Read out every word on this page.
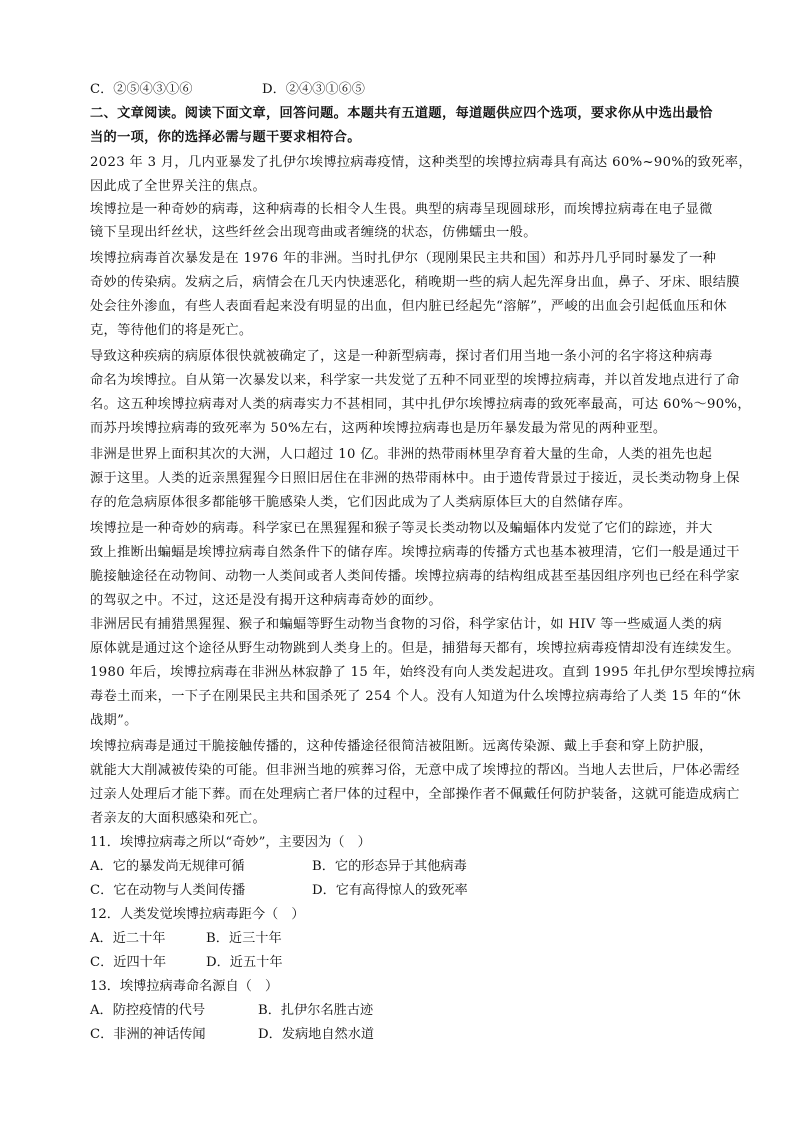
C．②⑤④③①⑥	D．②④③①⑥⑤
二、文章阅读。阅读下面文章，回答问题。本题共有五道题，每道题供应四个选项，要求你从中选出最恰
当的一项，你的选择必需与题干要求相符合。
2023 年 3 月，几内亚暴发了扎伊尔埃博拉病毒疫情，这种类型的埃博拉病毒具有高达 60%~90%的致死率，
因此成了全世界关注的焦点。
埃博拉是一种奇妙的病毒，这种病毒的长相令人生畏。典型的病毒呈现圆球形，而埃博拉病毒在电子显微
镜下呈现出纤丝状，这些纤丝会出现弯曲或者缠绕的状态，仿佛蠕虫一般。
埃博拉病毒首次暴发是在 1976 年的非洲。当时扎伊尔（现刚果民主共和国）和苏丹几乎同时暴发了一种
奇妙的传染病。发病之后，病情会在几天内快速恶化，稍晚期一些的病人起先浑身出血，鼻子、牙床、眼结膜
处会往外渗血，有些人表面看起来没有明显的出血，但内脏已经起先“溶解”，严峻的出血会引起低血压和休
克，等待他们的将是死亡。
导致这种疾病的病原体很快就被确定了，这是一种新型病毒，探讨者们用当地一条小河的名字将这种病毒
命名为埃博拉。自从第一次暴发以来，科学家一共发觉了五种不同亚型的埃博拉病毒，并以首发地点进行了命
名。这五种埃博拉病毒对人类的病毒实力不甚相同，其中扎伊尔埃博拉病毒的致死率最高，可达 60%～90%，
而苏丹埃博拉病毒的致死率为 50%左右，这两种埃博拉病毒也是历年暴发最为常见的两种亚型。
非洲是世界上面积其次的大洲，人口超过 10 亿。非洲的热带雨林里孕育着大量的生命，人类的祖先也起
源于这里。人类的近亲黑猩猩今日照旧居住在非洲的热带雨林中。由于遗传背景过于接近，灵长类动物身上保
存的危急病原体很多都能够干脆感染人类，它们因此成为了人类病原体巨大的自然储存库。
埃博拉是一种奇妙的病毒。科学家已在黑猩猩和猴子等灵长类动物以及蝙蝠体内发觉了它们的踪迹，并大
致上推断出蝙蝠是埃博拉病毒自然条件下的储存库。埃博拉病毒的传播方式也基本被理清，它们一般是通过干
脆接触途径在动物间、动物一人类间或者人类间传播。埃博拉病毒的结构组成甚至基因组序列也已经在科学家
的驾驭之中。不过，这还是没有揭开这种病毒奇妙的面纱。
非洲居民有捕猎黑猩猩、猴子和蝙蝠等野生动物当食物的习俗，科学家估计，如 HIV 等一些威逼人类的病
原体就是通过这个途径从野生动物跳到人类身上的。但是，捕猎每天都有，埃博拉病毒疫情却没有连续发生。
1980 年后，埃博拉病毒在非洲丛林寂静了 15 年，始终没有向人类发起进攻。直到 1995 年扎伊尔型埃博拉病
毒卷土而来，一下子在刚果民主共和国杀死了 254 个人。没有人知道为什么埃博拉病毒给了人类 15 年的“休
战期”。
埃博拉病毒是通过干脆接触传播的，这种传播途径很简洁被阻断。远离传染源、戴上手套和穿上防护服，
就能大大削减被传染的可能。但非洲当地的殡葬习俗，无意中成了埃博拉的帮凶。当地人去世后，尸体必需经
过亲人处理后才能下葬。而在处理病亡者尸体的过程中，全部操作者不佩戴任何防护装备，这就可能造成病亡
者亲友的大面积感染和死亡。
11．埃博拉病毒之所以“奇妙”，主要因为（　）
A．它的暴发尚无规律可循	B．它的形态异于其他病毒
C．它在动物与人类间传播	D．它有高得惊人的致死率
12．人类发觉埃博拉病毒距今（　）
A．近二十年	B．近三十年
C．近四十年	D．近五十年
13．埃博拉病毒命名源自（　）
A．防控疫情的代号	B．扎伊尔名胜古迹
C．非洲的神话传闻	D．发病地自然水道
